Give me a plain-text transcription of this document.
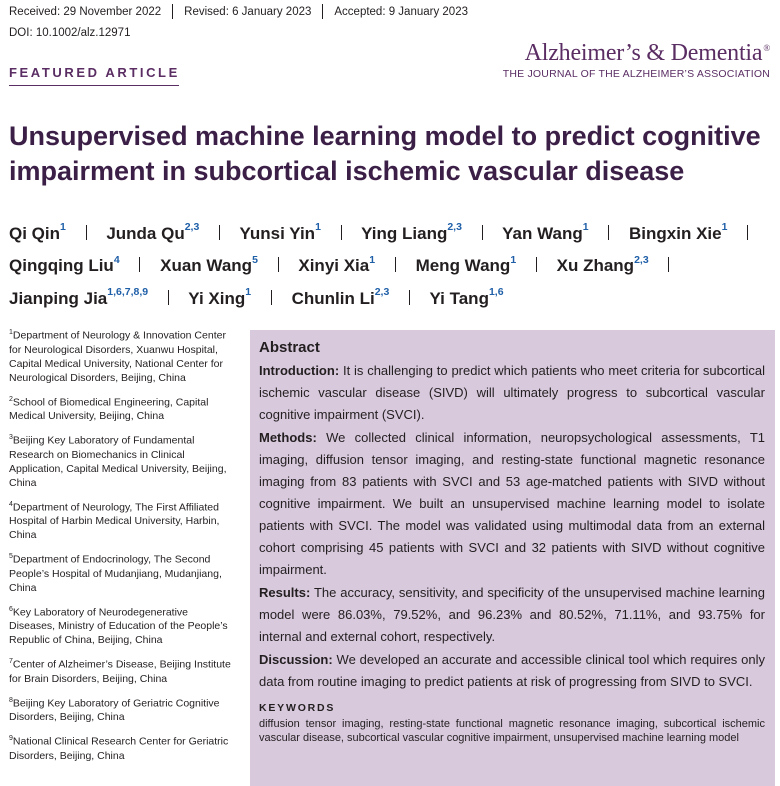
Received: 29 November 2022 Revised: 6 January 2023 Accepted: 9 January 2023
DOI: 10.1002/alz.12971
Alzheimer’s & Dementia®
THE JOURNAL OF THE ALZHEIMER’S ASSOCIATION
FEATURED ARTICLE
Unsupervised machine learning model to predict cognitive impairment in subcortical ischemic vascular disease
Qi Qin$^1$ Junda Qu$^{2,3}$ Yunsi Yin$^1$ Ying Liang$^{2,3}$ Yan Wang$^1$ Bingxin Xie$^1$  Qingqing Liu$^4$ Xuan Wang$^5$ Xinyi Xia$^1$ Meng Wang$^1$ Xu Zhang$^{2,3}$  Jianping Jia$^{1,6,7,8,9}$ Yi Xing$^1$ Chunlin Li$^{2,3}$ Yi Tang$^{1,6}$
$^1$Department of Neurology & Innovation Center for Neurological Disorders, Xuanwu Hospital, Capital Medical University, National Center for Neurological Disorders, Beijing, China
$^2$School of Biomedical Engineering, Capital Medical University, Beijing, China
$^3$Beijing Key Laboratory of Fundamental Research on Biomechanics in Clinical Application, Capital Medical University, Beijing, China
$^4$Department of Neurology, The First Affiliated Hospital of Harbin Medical University, Harbin, China
$^5$Department of Endocrinology, The Second People’s Hospital of Mudanjiang, Mudanjiang, China
$^6$Key Laboratory of Neurodegenerative Diseases, Ministry of Education of the People’s Republic of China, Beijing, China
$^7$Center of Alzheimer’s Disease, Beijing Institute for Brain Disorders, Beijing, China
$^8$Beijing Key Laboratory of Geriatric Cognitive Disorders, Beijing, China
$^9$National Clinical Research Center for Geriatric Disorders, Beijing, China
Abstract

Introduction: It is challenging to predict which patients who meet criteria for subcortical ischemic vascular disease (SIVD) will ultimately progress to subcortical vascular cognitive impairment (SVCI).

Methods: We collected clinical information, neuropsychological assessments, T1 imaging, diffusion tensor imaging, and resting-state functional magnetic resonance imaging from 83 patients with SVCI and 53 age-matched patients with SIVD without cognitive impairment. We built an unsupervised machine learning model to isolate patients with SVCI. The model was validated using multimodal data from an external cohort comprising 45 patients with SVCI and 32 patients with SIVD without cognitive impairment.

Results: The accuracy, sensitivity, and specificity of the unsupervised machine learning model were 86.03%, 79.52%, and 96.23% and 80.52%, 71.11%, and 93.75% for internal and external cohort, respectively.

Discussion: We developed an accurate and accessible clinical tool which requires only data from routine imaging to predict patients at risk of progressing from SIVD to SVCI.

KEYWORDS
diffusion tensor imaging, resting-state functional magnetic resonance imaging, subcortical ischemic vascular disease, subcortical vascular cognitive impairment, unsupervised machine learning model
